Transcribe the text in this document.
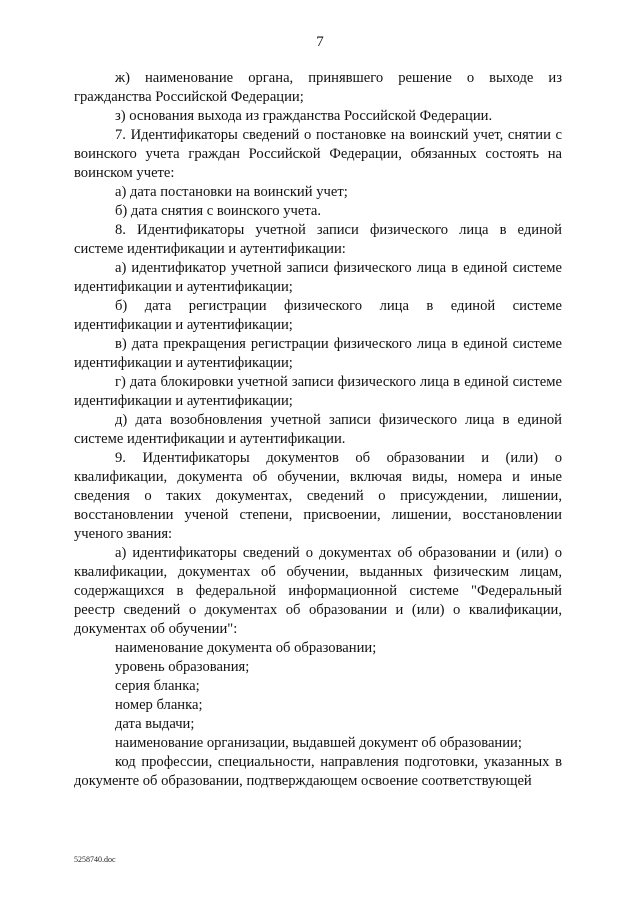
7

ж) наименование органа, принявшего решение о выходе из гражданства Российской Федерации;

з) основания выхода из гражданства Российской Федерации.

7. Идентификаторы сведений о постановке на воинский учет, снятии с воинского учета граждан Российской Федерации, обязанных состоять на воинском учете:

а) дата постановки на воинский учет;

б) дата снятия с воинского учета.

8. Идентификаторы учетной записи физического лица в единой системе идентификации и аутентификации:

а) идентификатор учетной записи физического лица в единой системе идентификации и аутентификации;

б) дата регистрации физического лица в единой системе идентификации и аутентификации;

в) дата прекращения регистрации физического лица в единой системе идентификации и аутентификации;

г) дата блокировки учетной записи физического лица в единой системе идентификации и аутентификации;

д) дата возобновления учетной записи физического лица в единой системе идентификации и аутентификации.

9. Идентификаторы документов об образовании и (или) о квалификации, документа об обучении, включая виды, номера и иные сведения о таких документах, сведений о присуждении, лишении, восстановлении ученой степени, присвоении, лишении, восстановлении ученого звания:

а) идентификаторы сведений о документах об образовании и (или) о квалификации, документах об обучении, выданных физическим лицам, содержащихся в федеральной информационной системе "Федеральный реестр сведений о документах об образовании и (или) о квалификации, документах об обучении":

наименование документа об образовании;

уровень образования;

серия бланка;

номер бланка;

дата выдачи;

наименование организации, выдавшей документ об образовании;

код профессии, специальности, направления подготовки, указанных в документе об образовании, подтверждающем освоение соответствующей

5258740.doc
